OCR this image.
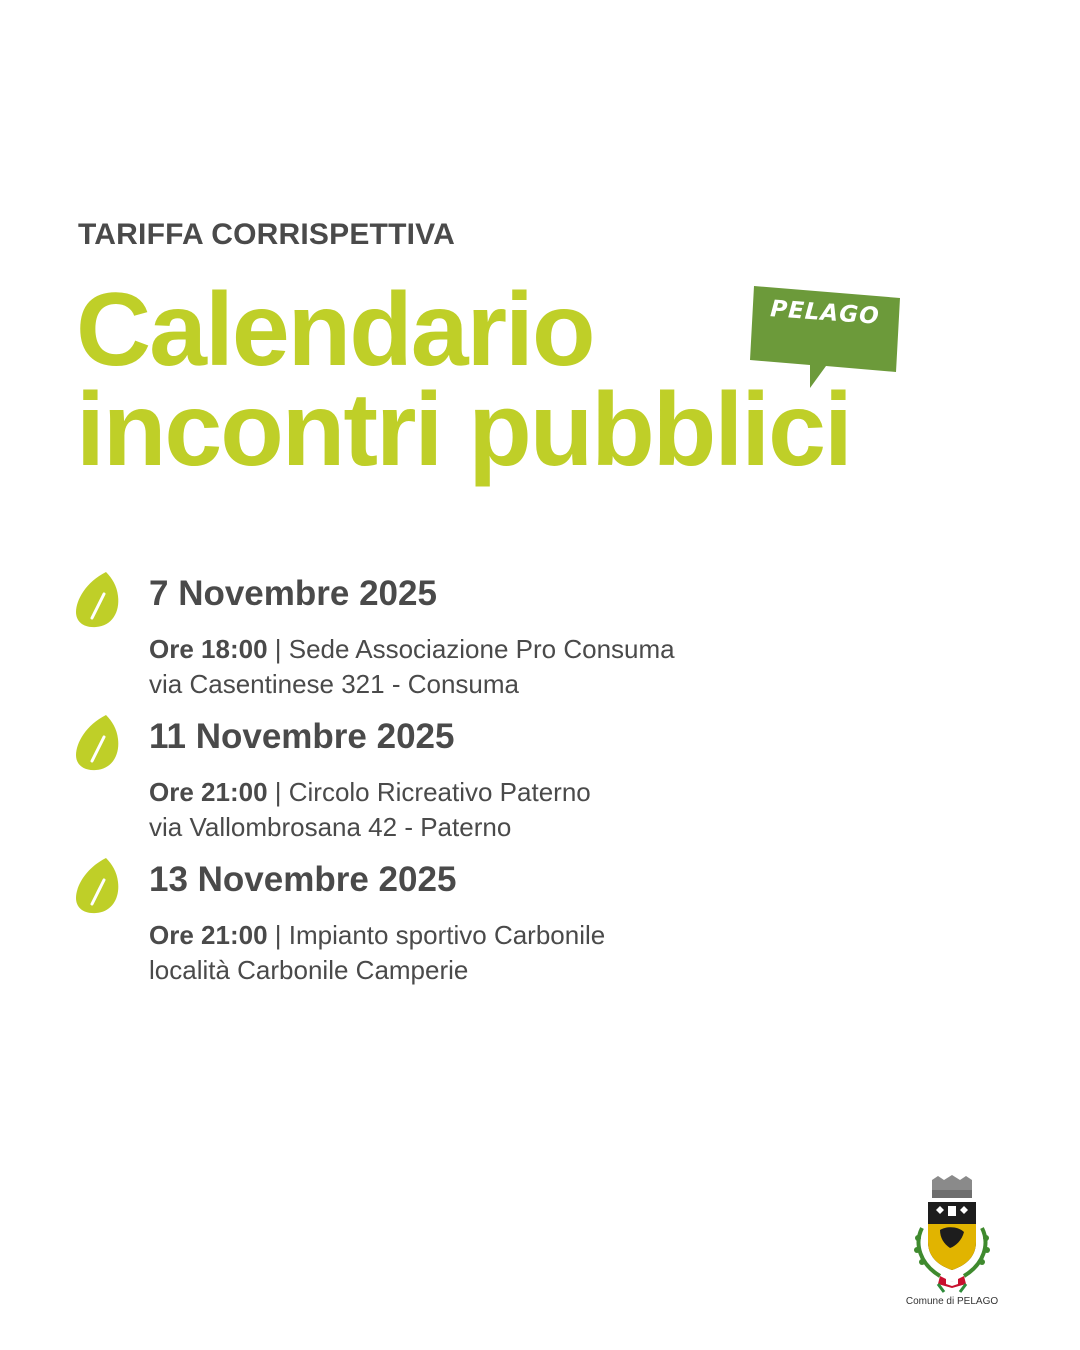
TARIFFA CORRISPETTIVA
Calendario
incontri pubblici
PELAGO
7 Novembre 2025
Ore 18:00 | Sede Associazione Pro Consuma
via Casentinese 321 - Consuma
11 Novembre 2025
Ore 21:00 | Circolo Ricreativo Paterno
via Vallombrosana 42 - Paterno
13 Novembre 2025
Ore 21:00 | Impianto sportivo Carbonile
località Carbonile Camperie
Comune di PELAGO
